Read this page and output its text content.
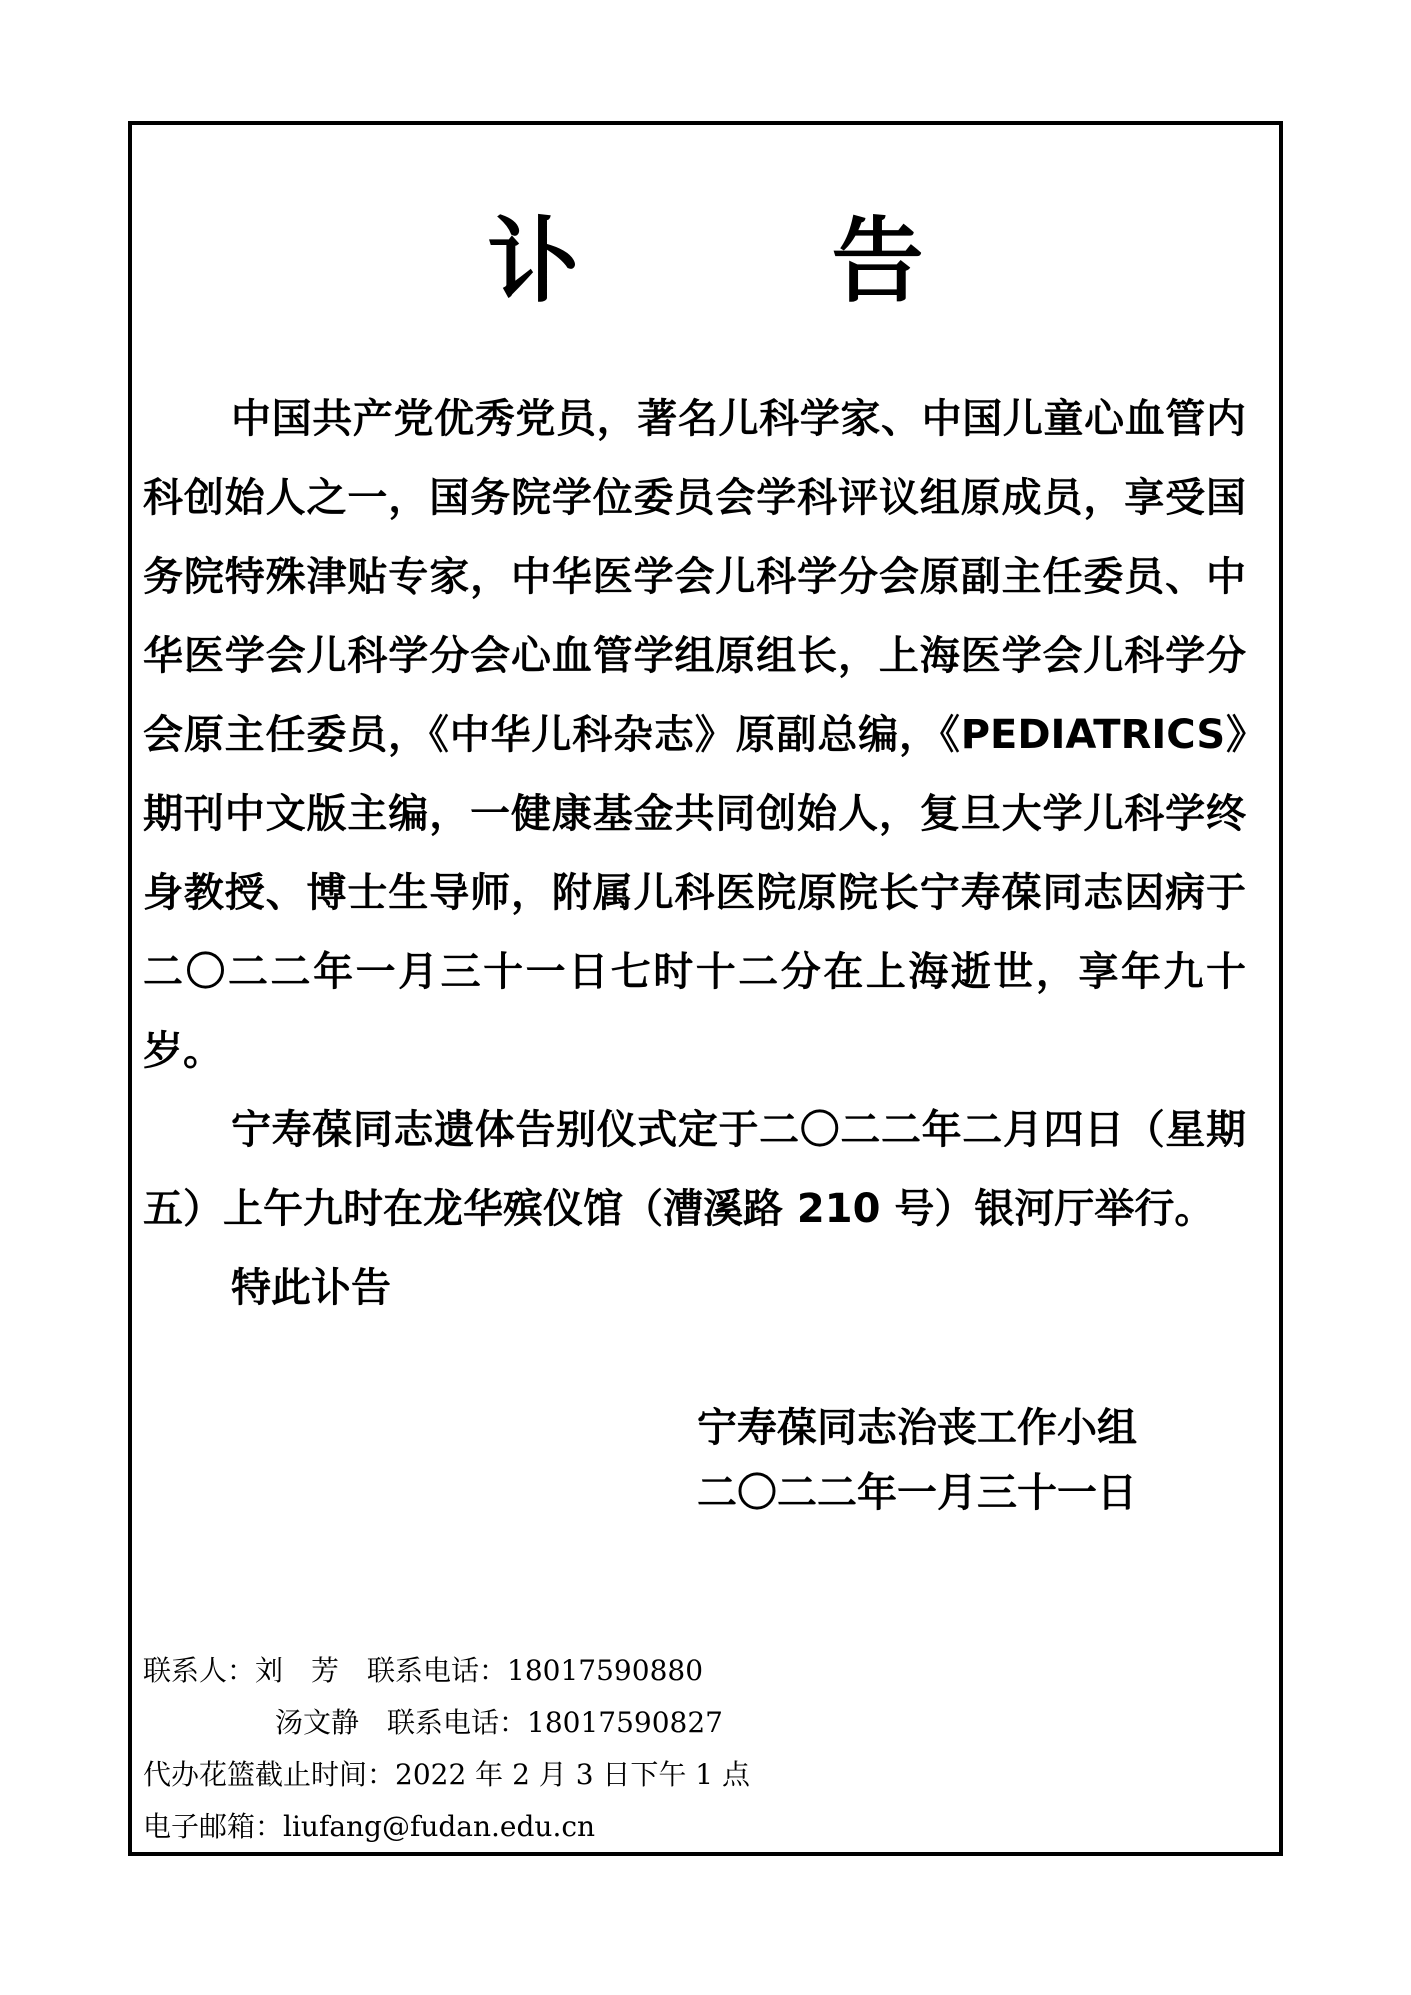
讣　告

中国共产党优秀党员，著名儿科学家、中国儿童心血管内科创始人之一，国务院学位委员会学科评议组原成员，享受国务院特殊津贴专家，中华医学会儿科学分会原副主任委员、中华医学会儿科学分会心血管学组原组长，上海医学会儿科学分会原主任委员，《中华儿科杂志》原副总编，《PEDIATRICS》期刊中文版主编，一健康基金共同创始人，复旦大学儿科学终身教授、博士生导师，附属儿科医院原院长宁寿葆同志因病于二〇二二年一月三十一日七时十二分在上海逝世，享年九十岁。

宁寿葆同志遗体告别仪式定于二〇二二年二月四日（星期五）上午九时在龙华殡仪馆（漕溪路 210 号）银河厅举行。

特此讣告

宁寿葆同志治丧工作小组
二〇二二年一月三十一日
联系人：刘　芳 联系电话：18017590880
汤文静 联系电话：18017590827
代办花篮截止时间：2022 年 2 月 3 日下午 1 点
电子邮箱：liufang@fudan.edu.cn
